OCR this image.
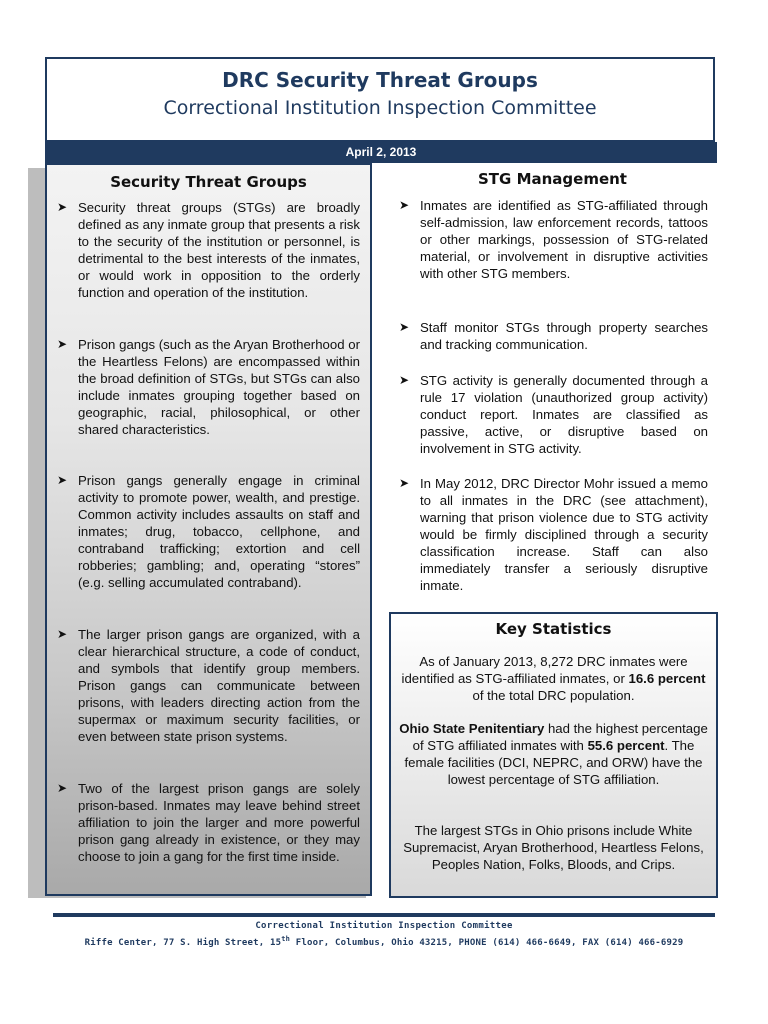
DRC Security Threat Groups
Correctional Institution Inspection Committee
April 2, 2013
Security Threat Groups
➤ Security threat groups (STGs) are broadly defined as any inmate group that presents a risk to the security of the institution or personnel, is detrimental to the best interests of the inmates, or would work in opposition to the orderly function and operation of the institution.
➤ Prison gangs (such as the Aryan Brotherhood or the Heartless Felons) are encompassed within the broad definition of STGs, but STGs can also include inmates grouping together based on geographic, racial, philosophical, or other shared characteristics.
➤ Prison gangs generally engage in criminal activity to promote power, wealth, and prestige. Common activity includes assaults on staff and inmates; drug, tobacco, cellphone, and contraband trafficking; extortion and cell robberies; gambling; and, operating “stores” (e.g. selling accumulated contraband).
➤ The larger prison gangs are organized, with a clear hierarchical structure, a code of conduct, and symbols that identify group members. Prison gangs can communicate between prisons, with leaders directing action from the supermax or maximum security facilities, or even between state prison systems.
➤ Two of the largest prison gangs are solely prison-based. Inmates may leave behind street affiliation to join the larger and more powerful prison gang already in existence, or they may choose to join a gang for the first time inside.
STG Management
➤ Inmates are identified as STG-affiliated through self-admission, law enforcement records, tattoos or other markings, possession of STG-related material, or involvement in disruptive activities with other STG members.
➤ Staff monitor STGs through property searches and tracking communication.
➤ STG activity is generally documented through a rule 17 violation (unauthorized group activity) conduct report. Inmates are classified as passive, active, or disruptive based on involvement in STG activity.
➤ In May 2012, DRC Director Mohr issued a memo to all inmates in the DRC (see attachment), warning that prison violence due to STG activity would be firmly disciplined through a security classification increase. Staff can also immediately transfer a seriously disruptive inmate.
Key Statistics
As of January 2013, 8,272 DRC inmates were identified as STG-affiliated inmates, or 16.6 percent of the total DRC population.
Ohio State Penitentiary had the highest percentage of STG affiliated inmates with 55.6 percent. The female facilities (DCI, NEPRC, and ORW) have the lowest percentage of STG affiliation.
The largest STGs in Ohio prisons include White Supremacist, Aryan Brotherhood, Heartless Felons, Peoples Nation, Folks, Bloods, and Crips.
Correctional Institution Inspection Committee
Riffe Center, 77 S. High Street, 15th Floor, Columbus, Ohio 43215, PHONE (614) 466-6649, FAX (614) 466-6929
